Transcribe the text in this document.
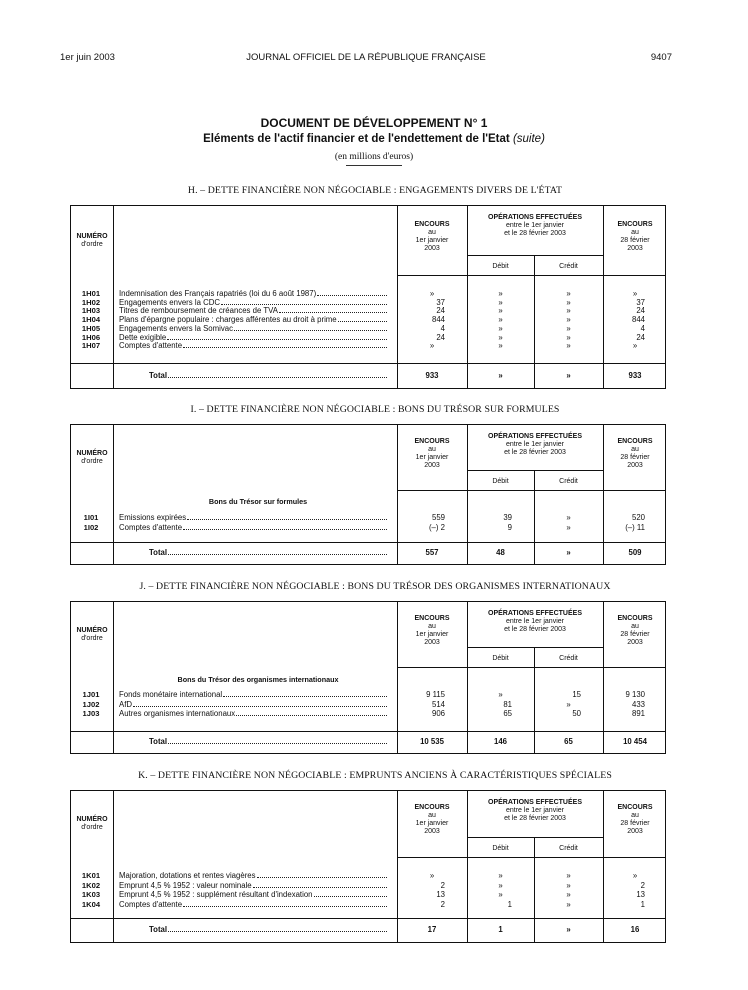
1er juin 2003	JOURNAL OFFICIEL DE LA RÉPUBLIQUE FRANÇAISE	9407
DOCUMENT DE DÉVELOPPEMENT N° 1
Eléments de l'actif financier et de l'endettement de l'Etat (suite)
(en millions d'euros)
H. – DETTE FINANCIÈRE NON NÉGOCIABLE : ENGAGEMENTS DIVERS DE L'ÉTAT
NUMÉRO
d'ordre
ENCOURS
au
1er janvier
2003
OPÉRATIONS EFFECTUÉES
entre le 1er janvier
et le 28 février 2003
Débit	Crédit
ENCOURS
au
28 février
2003
1H01	Indemnisation des Français rapatriés (loi du 6 août 1987)	»	»	»	»
1H02	Engagements envers la CDC	37	»	»	37
1H03	Titres de remboursement de créances de TVA	24	»	»	24
1H04	Plans d'épargne populaire : charges afférentes au droit à prime	844	»	»	844
1H05	Engagements envers la Somivac	4	»	»	4
1H06	Dette exigible	24	»	»	24
1H07	Comptes d'attente	»	»	»	»
Total	933	»	»	933
I. – DETTE FINANCIÈRE NON NÉGOCIABLE : BONS DU TRÉSOR SUR FORMULES
NUMÉRO
d'ordre
ENCOURS
au
1er janvier
2003
OPÉRATIONS EFFECTUÉES
entre le 1er janvier
et le 28 février 2003
Débit	Crédit
ENCOURS
au
28 février
2003
Bons du Trésor sur formules
1I01	Emissions expirées	559	39	»	520
1I02	Comptes d'attente	(–) 2	9	»	(–) 11
Total	557	48	»	509
J. – DETTE FINANCIÈRE NON NÉGOCIABLE : BONS DU TRÉSOR DES ORGANISMES INTERNATIONAUX
NUMÉRO
d'ordre
ENCOURS
au
1er janvier
2003
OPÉRATIONS EFFECTUÉES
entre le 1er janvier
et le 28 février 2003
Débit	Crédit
ENCOURS
au
28 février
2003
Bons du Trésor des organismes internationaux
1J01	Fonds monétaire international	9 115	»	15	9 130
1J02	AfD	514	81	»	433
1J03	Autres organismes internationaux	906	65	50	891
Total	10 535	146	65	10 454
K. – DETTE FINANCIÈRE NON NÉGOCIABLE : EMPRUNTS ANCIENS À CARACTÉRISTIQUES SPÉCIALES
NUMÉRO
d'ordre
ENCOURS
au
1er janvier
2003
OPÉRATIONS EFFECTUÉES
entre le 1er janvier
et le 28 février 2003
Débit	Crédit
ENCOURS
au
28 février
2003
1K01	Majoration, dotations et rentes viagères	»	»	»	»
1K02	Emprunt 4,5 % 1952 : valeur nominale	2	»	»	2
1K03	Emprunt 4,5 % 1952 : supplément résultant d'indexation	13	»	»	13
1K04	Comptes d'attente	2	1	»	1
Total	17	1	»	16
